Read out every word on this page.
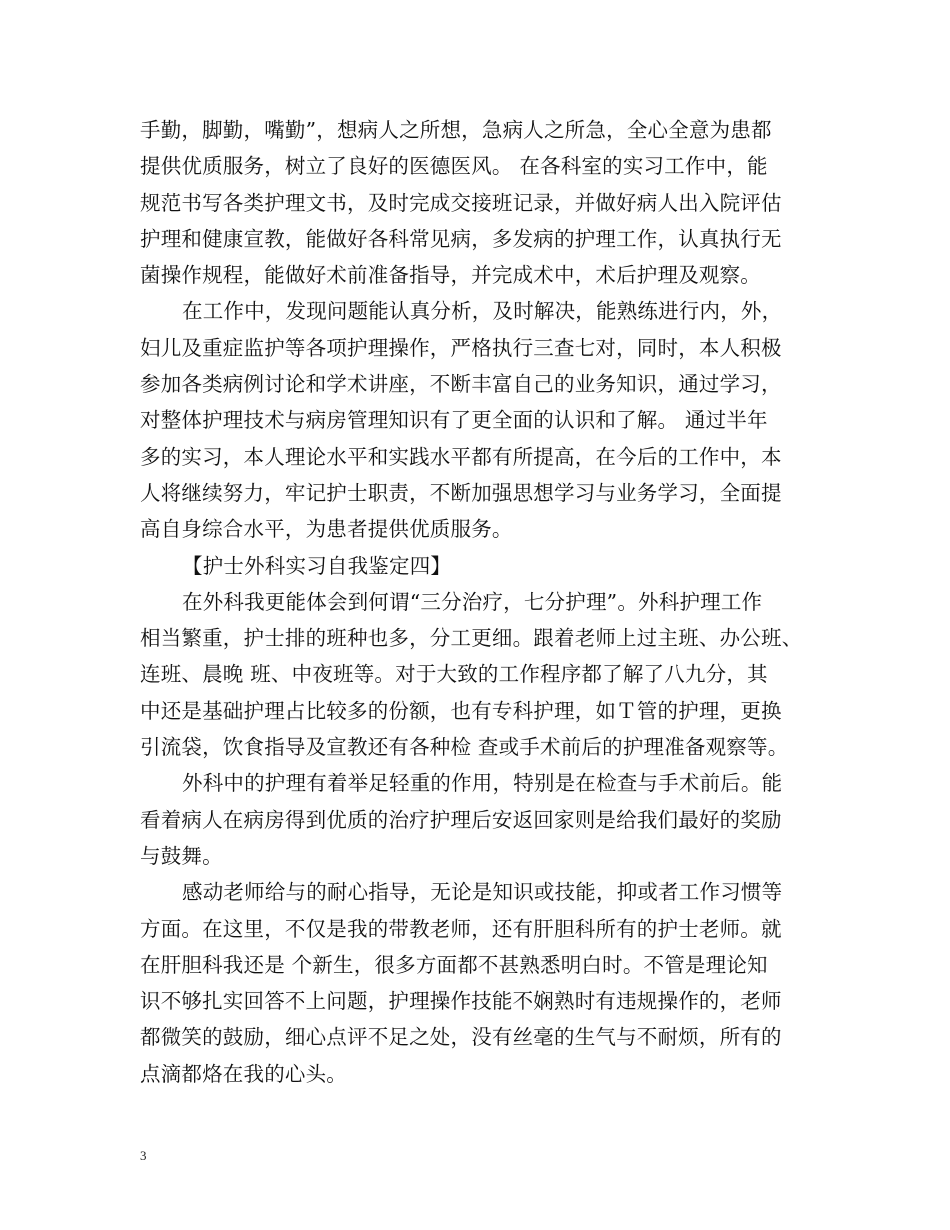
手勤，脚勤，嘴勤”，想病人之所想，急病人之所急，全心全意为患都
提供优质服务，树立了良好的医德医风。 在各科室的实习工作中，能
规范书写各类护理文书，及时完成交接班记录，并做好病人出入院评估
护理和健康宣教，能做好各科常见病，多发病的护理工作，认真执行无
菌操作规程，能做好术前准备指导，并完成术中，术后护理及观察。
在工作中，发现问题能认真分析，及时解决，能熟练进行内，外，
妇儿及重症监护等各项护理操作，严格执行三查七对，同时，本人积极
参加各类病例讨论和学术讲座，不断丰富自己的业务知识，通过学习，
对整体护理技术与病房管理知识有了更全面的认识和了解。 通过半年
多的实习，本人理论水平和实践水平都有所提高，在今后的工作中，本
人将继续努力，牢记护士职责，不断加强思想学习与业务学习，全面提
高自身综合水平，为患者提供优质服务。
【护士外科实习自我鉴定四】
在外科我更能体会到何谓“三分治疗，七分护理”。外科护理工作
相当繁重，护士排的班种也多，分工更细。跟着老师上过主班、办公班、
连班、晨晚 班、中夜班等。对于大致的工作程序都了解了八九分，其
中还是基础护理占比较多的份额，也有专科护理，如Ｔ管的护理，更换
引流袋，饮食指导及宣教还有各种检 查或手术前后的护理准备观察等。
外科中的护理有着举足轻重的作用，特别是在检查与手术前后。能
看着病人在病房得到优质的治疗护理后安返回家则是给我们最好的奖励
与鼓舞。
感动老师给与的耐心指导，无论是知识或技能，抑或者工作习惯等
方面。在这里，不仅是我的带教老师，还有肝胆科所有的护士老师。就
在肝胆科我还是 个新生，很多方面都不甚熟悉明白时。不管是理论知
识不够扎实回答不上问题，护理操作技能不娴熟时有违规操作的，老师
都微笑的鼓励，细心点评不足之处，没有丝毫的生气与不耐烦，所有的
点滴都烙在我的心头。
3
